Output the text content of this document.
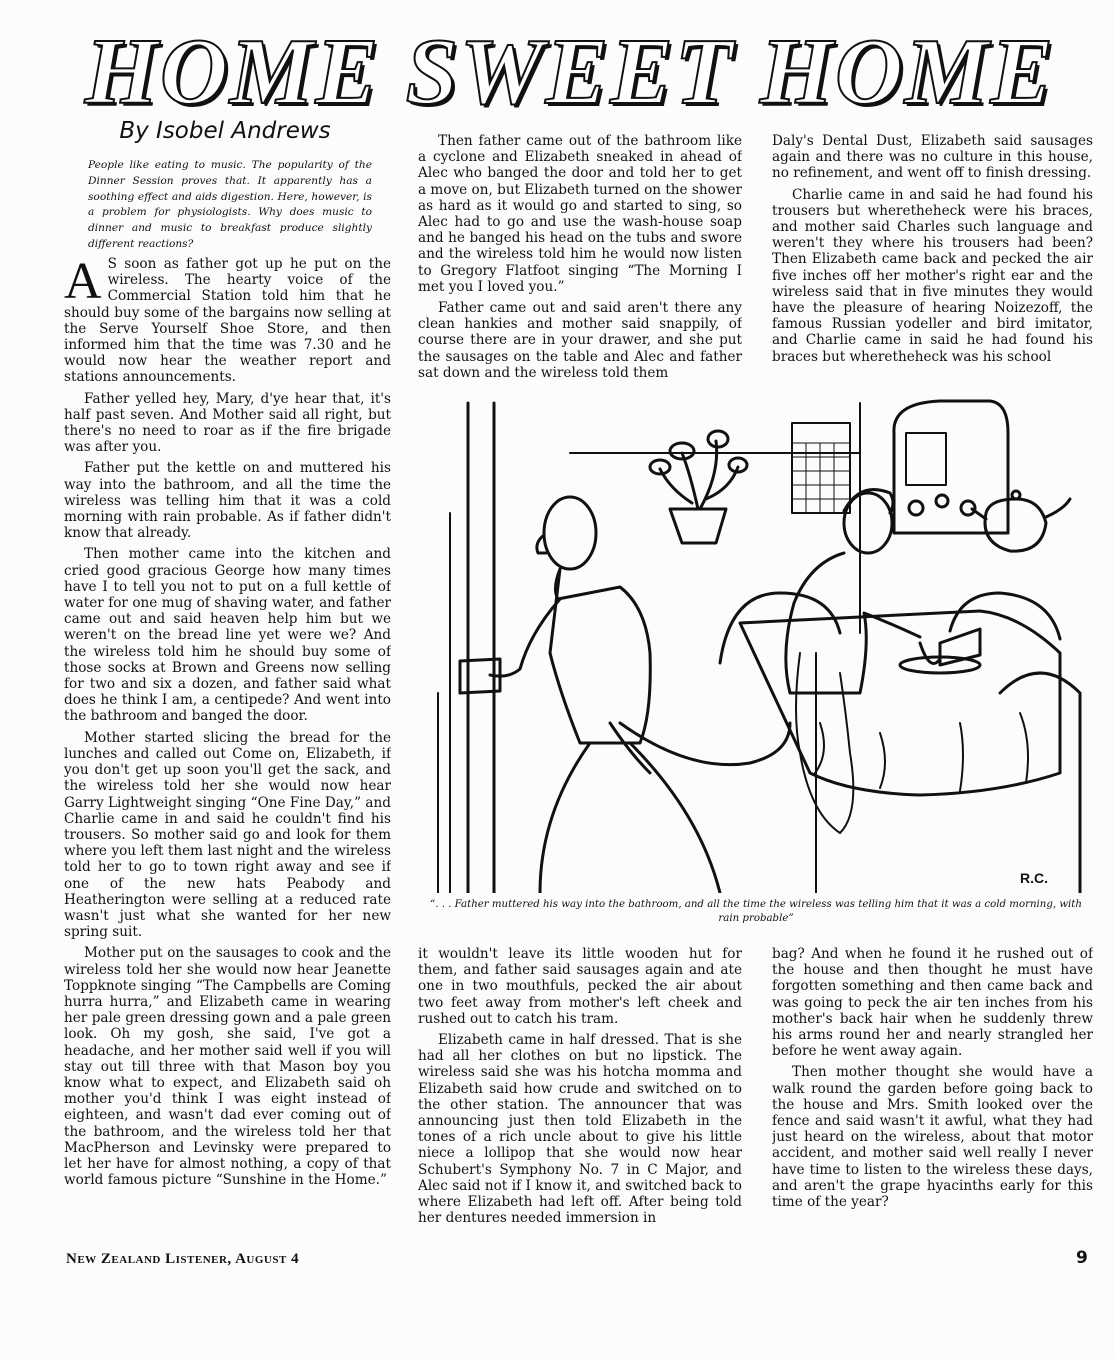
HOME SWEET HOME
By Isobel Andrews
People like eating to music. The popularity of the Dinner Session proves that. It apparently has a soothing effect and aids digestion. Here, however, is a problem for physiologists. Why does music to dinner and music to breakfast produce slightly different reactions?

A S soon as father got up he put on the wireless. The hearty voice of the Commercial Station told him that he should buy some of the bargains now selling at the Serve Yourself Shoe Store, and then informed him that the time was 7.30 and he would now hear the weather report and stations announcements.

Father yelled hey, Mary, d'ye hear that, it's half past seven. And Mother said all right, but there's no need to roar as if the fire brigade was after you.

Father put the kettle on and muttered his way into the bathroom, and all the time the wireless was telling him that it was a cold morning with rain probable. As if father didn't know that already.

Then mother came into the kitchen and cried good gracious George how many times have I to tell you not to put on a full kettle of water for one mug of shaving water, and father came out and said heaven help him but we weren't on the bread line yet were we? And the wireless told him he should buy some of those socks at Brown and Greens now selling for two and six a dozen, and father said what does he think I am, a centipede? And went into the bathroom and banged the door.

Mother started slicing the bread for the lunches and called out Come on, Elizabeth, if you don't get up soon you'll get the sack, and the wireless told her she would now hear Garry Lightweight singing “One Fine Day,” and Charlie came in and said he couldn't find his trousers. So mother said go and look for them where you left them last night and the wireless told her to go to town right away and see if one of the new hats Peabody and Heatherington were selling at a reduced rate wasn't just what she wanted for her new spring suit.

Mother put on the sausages to cook and the wireless told her she would now hear Jeanette Toppknote singing “The Campbells are Coming hurra hurra,” and Elizabeth came in wearing her pale green dressing gown and a pale green look. Oh my gosh, she said, I've got a headache, and her mother said well if you will stay out till three with that Mason boy you know what to expect, and Elizabeth said oh mother you'd think I was eight instead of eighteen, and wasn't dad ever coming out of the bathroom, and the wireless told her that MacPherson and Levinsky were prepared to let her have for almost nothing, a copy of that world famous picture “Sunshine in the Home.”

Then father came out of the bathroom like a cyclone and Elizabeth sneaked in ahead of Alec who banged the door and told her to get a move on, but Elizabeth turned on the shower as hard as it would go and started to sing, so Alec had to go and use the wash-house soap and he banged his head on the tubs and swore and the wireless told him he would now listen to Gregory Flatfoot singing “The Morning I met you I loved you.”

Father came out and said aren't there any clean hankies and mother said snappily, of course there are in your drawer, and she put the sausages on the table and Alec and father sat down and the wireless told them

Daly's Dental Dust, Elizabeth said sausages again and there was no culture in this house, no refinement, and went off to finish dressing.

Charlie came in and said he had found his trousers but wheretheheck were his braces, and mother said Charles such language and weren't they where his trousers had been? Then Elizabeth came back and pecked the air five inches off her mother's right ear and the wireless said that in five minutes they would have the pleasure of hearing Noizezoff, the famous Russian yodeller and bird imitator, and Charlie came in said he had found his braces but wheretheheck was his school

R.C.
“. . . Father muttered his way into the bathroom, and all the time the wireless was telling him that it was a cold morning, with rain probable”

it wouldn't leave its little wooden hut for them, and father said sausages again and ate one in two mouthfuls, pecked the air about two feet away from mother's left cheek and rushed out to catch his tram.

Elizabeth came in half dressed. That is she had all her clothes on but no lipstick. The wireless said she was his hotcha momma and Elizabeth said how crude and switched on to the other station. The announcer that was announcing just then told Elizabeth in the tones of a rich uncle about to give his little niece a lollipop that she would now hear Schubert's Symphony No. 7 in C Major, and Alec said not if I know it, and switched back to where Elizabeth had left off. After being told her dentures needed immersion in

bag? And when he found it he rushed out of the house and then thought he must have forgotten something and then came back and was going to peck the air ten inches from his mother's back hair when he suddenly threw his arms round her and nearly strangled her before he went away again.

Then mother thought she would have a walk round the garden before going back to the house and Mrs. Smith looked over the fence and said wasn't it awful, what they had just heard on the wireless, about that motor accident, and mother said well really I never have time to listen to the wireless these days, and aren't the grape hyacinths early for this time of the year?

New Zealand Listener, August 4	9
